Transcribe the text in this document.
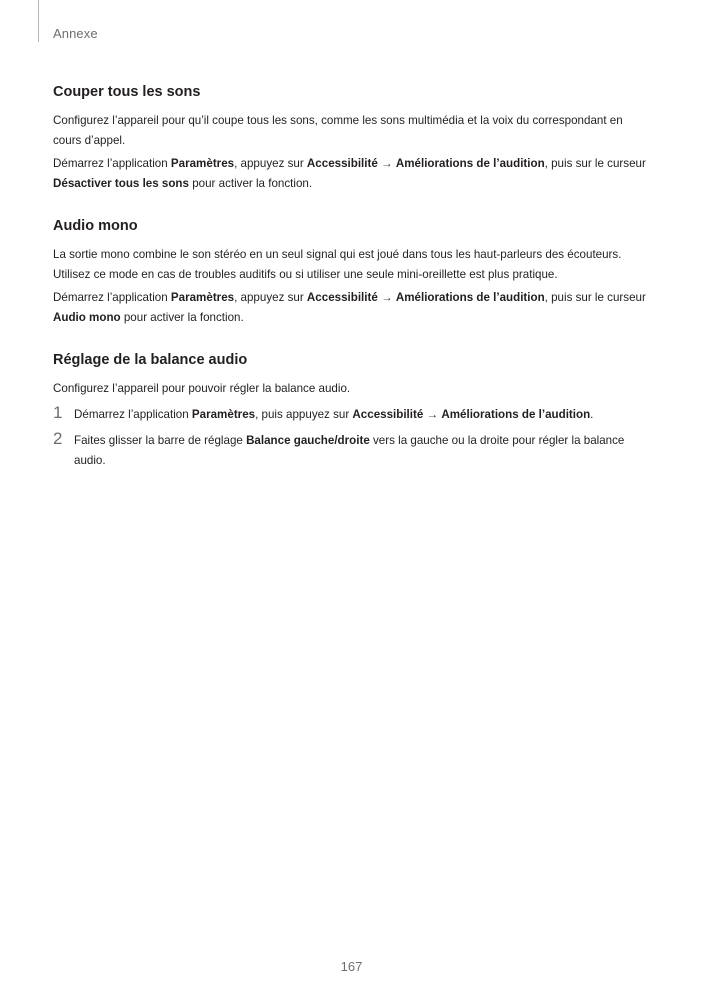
Annexe
Couper tous les sons

Configurez l’appareil pour qu’il coupe tous les sons, comme les sons multimédia et la voix du correspondant en cours d’appel.

Démarrez l’application Paramètres, appuyez sur Accessibilité → Améliorations de l’audition, puis sur le curseur Désactiver tous les sons pour activer la fonction.

Audio mono

La sortie mono combine le son stéréo en un seul signal qui est joué dans tous les haut-parleurs des écouteurs. Utilisez ce mode en cas de troubles auditifs ou si utiliser une seule mini-oreillette est plus pratique.

Démarrez l’application Paramètres, appuyez sur Accessibilité → Améliorations de l’audition, puis sur le curseur Audio mono pour activer la fonction.

Réglage de la balance audio

Configurez l’appareil pour pouvoir régler la balance audio.

1 Démarrez l’application Paramètres, puis appuyez sur Accessibilité → Améliorations de l’audition.
2 Faites glisser la barre de réglage Balance gauche/droite vers la gauche ou la droite pour régler la balance audio.
167
